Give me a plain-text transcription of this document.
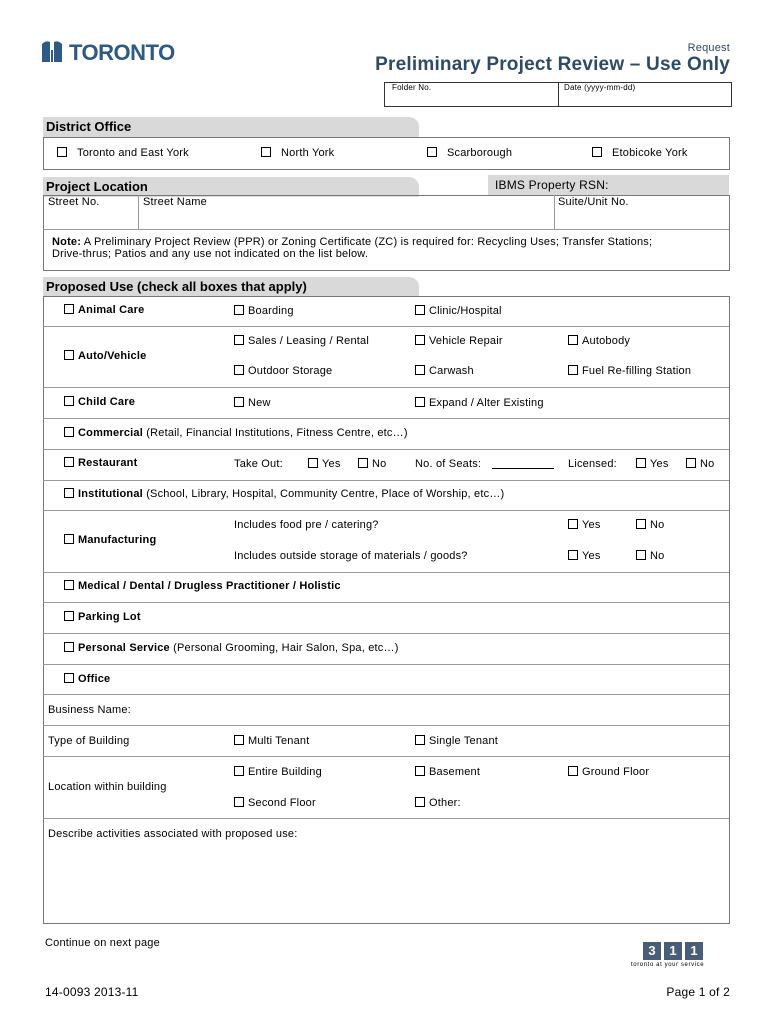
TORONTO	Request
Preliminary Project Review – Use Only
Folder No.	Date (yyyy-mm-dd)
District Office
Toronto and East York	North York	Scarborough	Etobicoke York
Project Location	IBMS Property RSN:
Street No.	Street Name	Suite/Unit No.
Note: A Preliminary Project Review (PPR) or Zoning Certificate (ZC) is required for: Recycling Uses; Transfer Stations;
Drive-thrus; Patios and any use not indicated on the list below.
Proposed Use (check all boxes that apply)
Animal Care	Boarding	Clinic/Hospital
Auto/Vehicle
Sales / Leasing / Rental	Vehicle Repair	Autobody
Outdoor Storage	Carwash	Fuel Re-filling Station
Child Care	New	Expand / Alter Existing
Commercial (Retail, Financial Institutions, Fitness Centre, etc…)
Restaurant	Take Out:	Yes	No	No. of Seats:	Licensed:	Yes	No
Institutional (School, Library, Hospital, Community Centre, Place of Worship, etc…)
Manufacturing
Includes food pre / catering?	Yes	No
Includes outside storage of materials / goods?	Yes	No
Medical / Dental / Drugless Practitioner / Holistic
Parking Lot
Personal Service (Personal Grooming, Hair Salon, Spa, etc…)
Office
Business Name:
Type of Building	Multi Tenant	Single Tenant
Location within building
Entire Building	Basement	Ground Floor
Second Floor	Other:
Describe activities associated with proposed use:
Continue on next page	3 1 1
toronto at your service
14-0093 2013-11	Page 1 of 2
